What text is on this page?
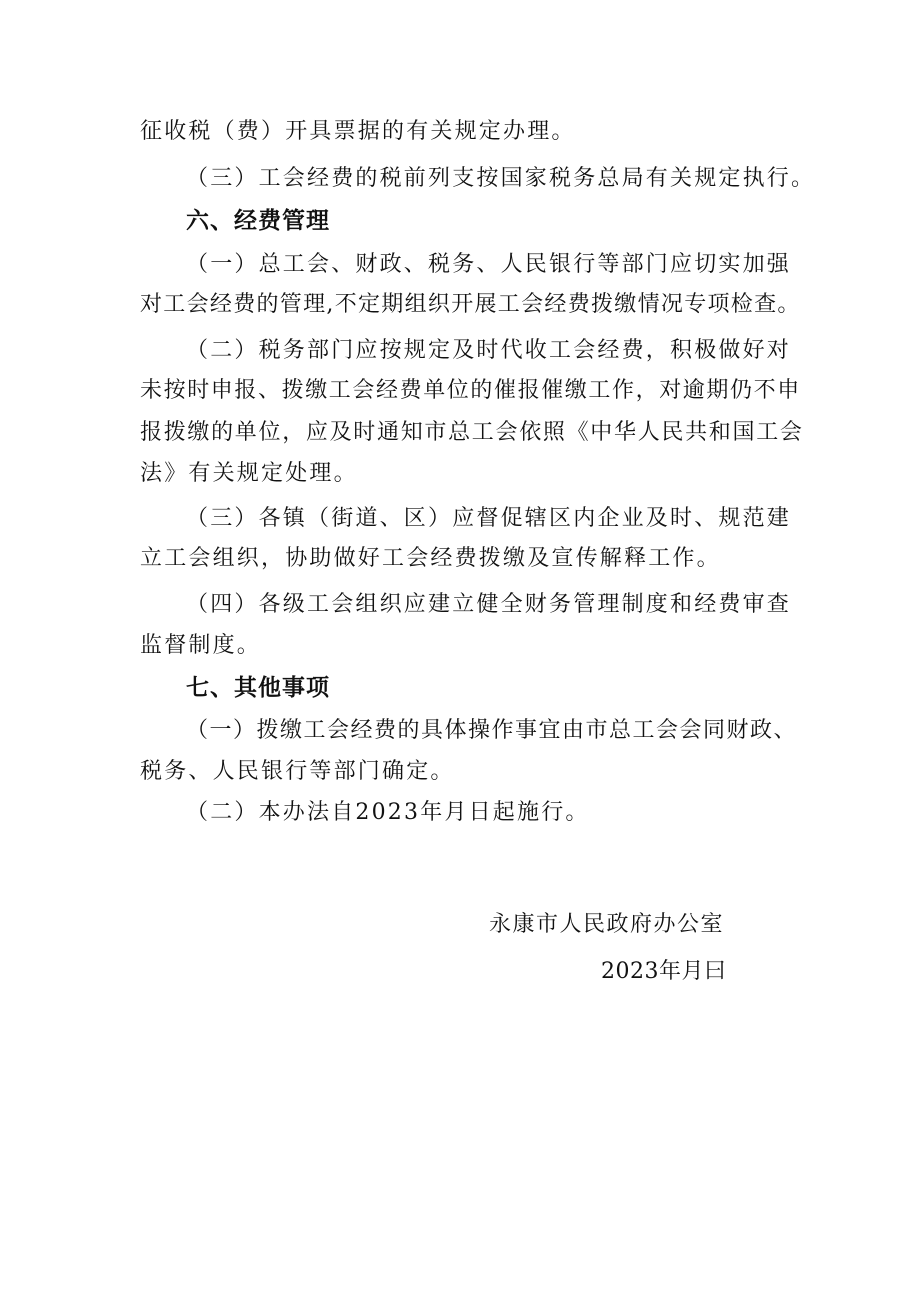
征收税（费）开具票据的有关规定办理。
（三）工会经费的税前列支按国家税务总局有关规定执行。
六、经费管理
（一）总工会、财政、税务、人民银行等部门应切实加强
对工会经费的管理,不定期组织开展工会经费拨缴情况专项检查。
（二）税务部门应按规定及时代收工会经费，积极做好对
未按时申报、拨缴工会经费单位的催报催缴工作，对逾期仍不申
报拨缴的单位，应及时通知市总工会依照《中华人民共和国工会
法》有关规定处理。
（三）各镇（街道、区）应督促辖区内企业及时、规范建
立工会组织，协助做好工会经费拨缴及宣传解释工作。
（四）各级工会组织应建立健全财务管理制度和经费审查
监督制度。
七、其他事项
（一）拨缴工会经费的具体操作事宜由市总工会会同财政、
税务、人民银行等部门确定。
（二）本办法自2023年月日起施行。
永康市人民政府办公室
2023年月曰
